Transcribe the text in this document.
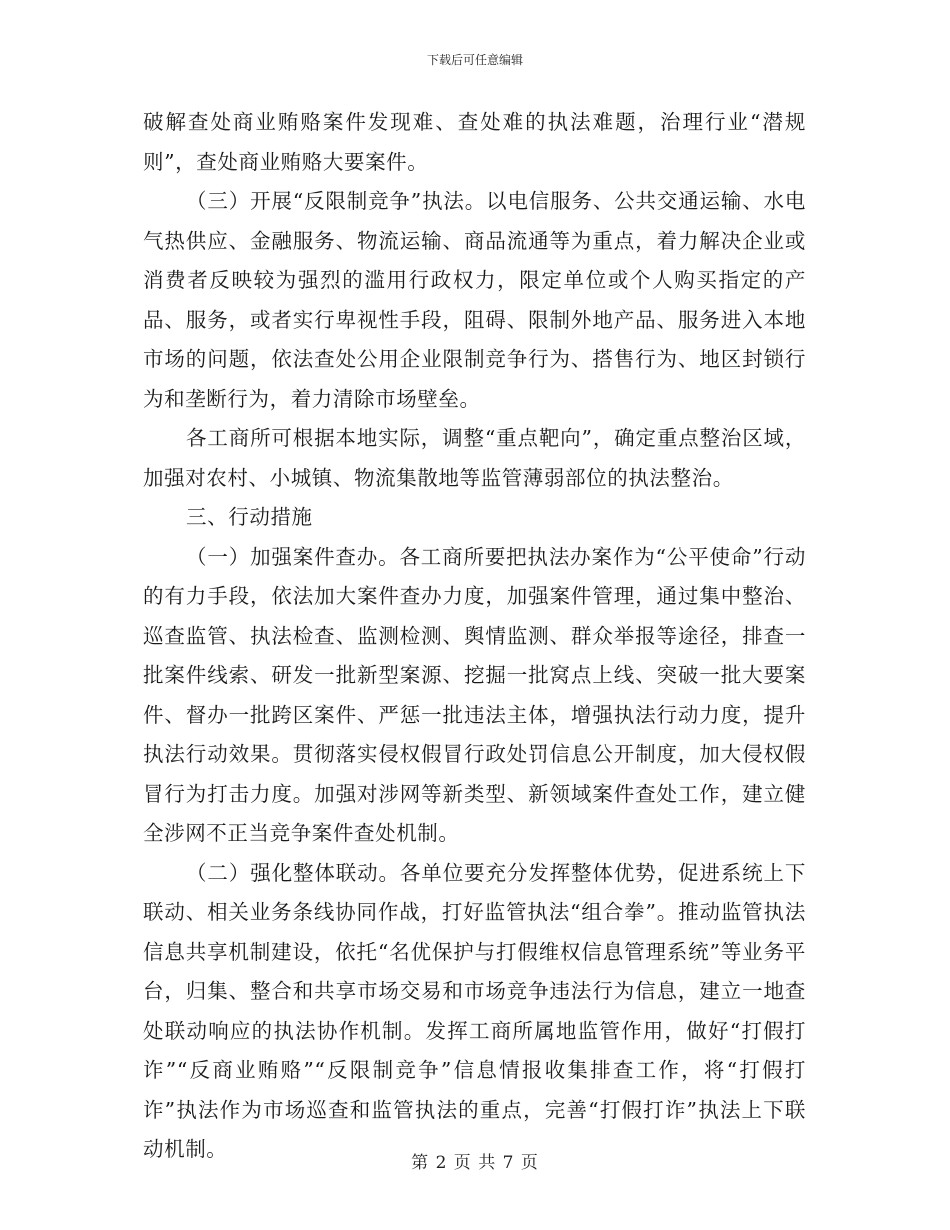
下载后可任意编辑

破解查处商业贿赂案件发现难、查处难的执法难题，治理行业“潜规则”，查处商业贿赂大要案件。

（三）开展“反限制竞争”执法。以电信服务、公共交通运输、水电气热供应、金融服务、物流运输、商品流通等为重点，着力解决企业或消费者反映较为强烈的滥用行政权力，限定单位或个人购买指定的产品、服务，或者实行卑视性手段，阻碍、限制外地产品、服务进入本地市场的问题，依法查处公用企业限制竞争行为、搭售行为、地区封锁行为和垄断行为，着力清除市场壁垒。

各工商所可根据本地实际，调整“重点靶向”，确定重点整治区域，加强对农村、小城镇、物流集散地等监管薄弱部位的执法整治。

三、行动措施

（一）加强案件查办。各工商所要把执法办案作为“公平使命”行动的有力手段，依法加大案件查办力度，加强案件管理，通过集中整治、巡查监管、执法检查、监测检测、舆情监测、群众举报等途径，排查一批案件线索、研发一批新型案源、挖掘一批窝点上线、突破一批大要案件、督办一批跨区案件、严惩一批违法主体，增强执法行动力度，提升执法行动效果。贯彻落实侵权假冒行政处罚信息公开制度，加大侵权假冒行为打击力度。加强对涉网等新类型、新领域案件查处工作，建立健全涉网不正当竞争案件查处机制。

（二）强化整体联动。各单位要充分发挥整体优势，促进系统上下联动、相关业务条线协同作战，打好监管执法“组合拳”。推动监管执法信息共享机制建设，依托“名优保护与打假维权信息管理系统”等业务平台，归集、整合和共享市场交易和市场竞争违法行为信息，建立一地查处联动响应的执法协作机制。发挥工商所属地监管作用，做好“打假打诈”“反商业贿赂”“反限制竞争”信息情报收集排查工作，将“打假打诈”执法作为市场巡查和监管执法的重点，完善“打假打诈”执法上下联动机制。

第 2 页 共 7 页
